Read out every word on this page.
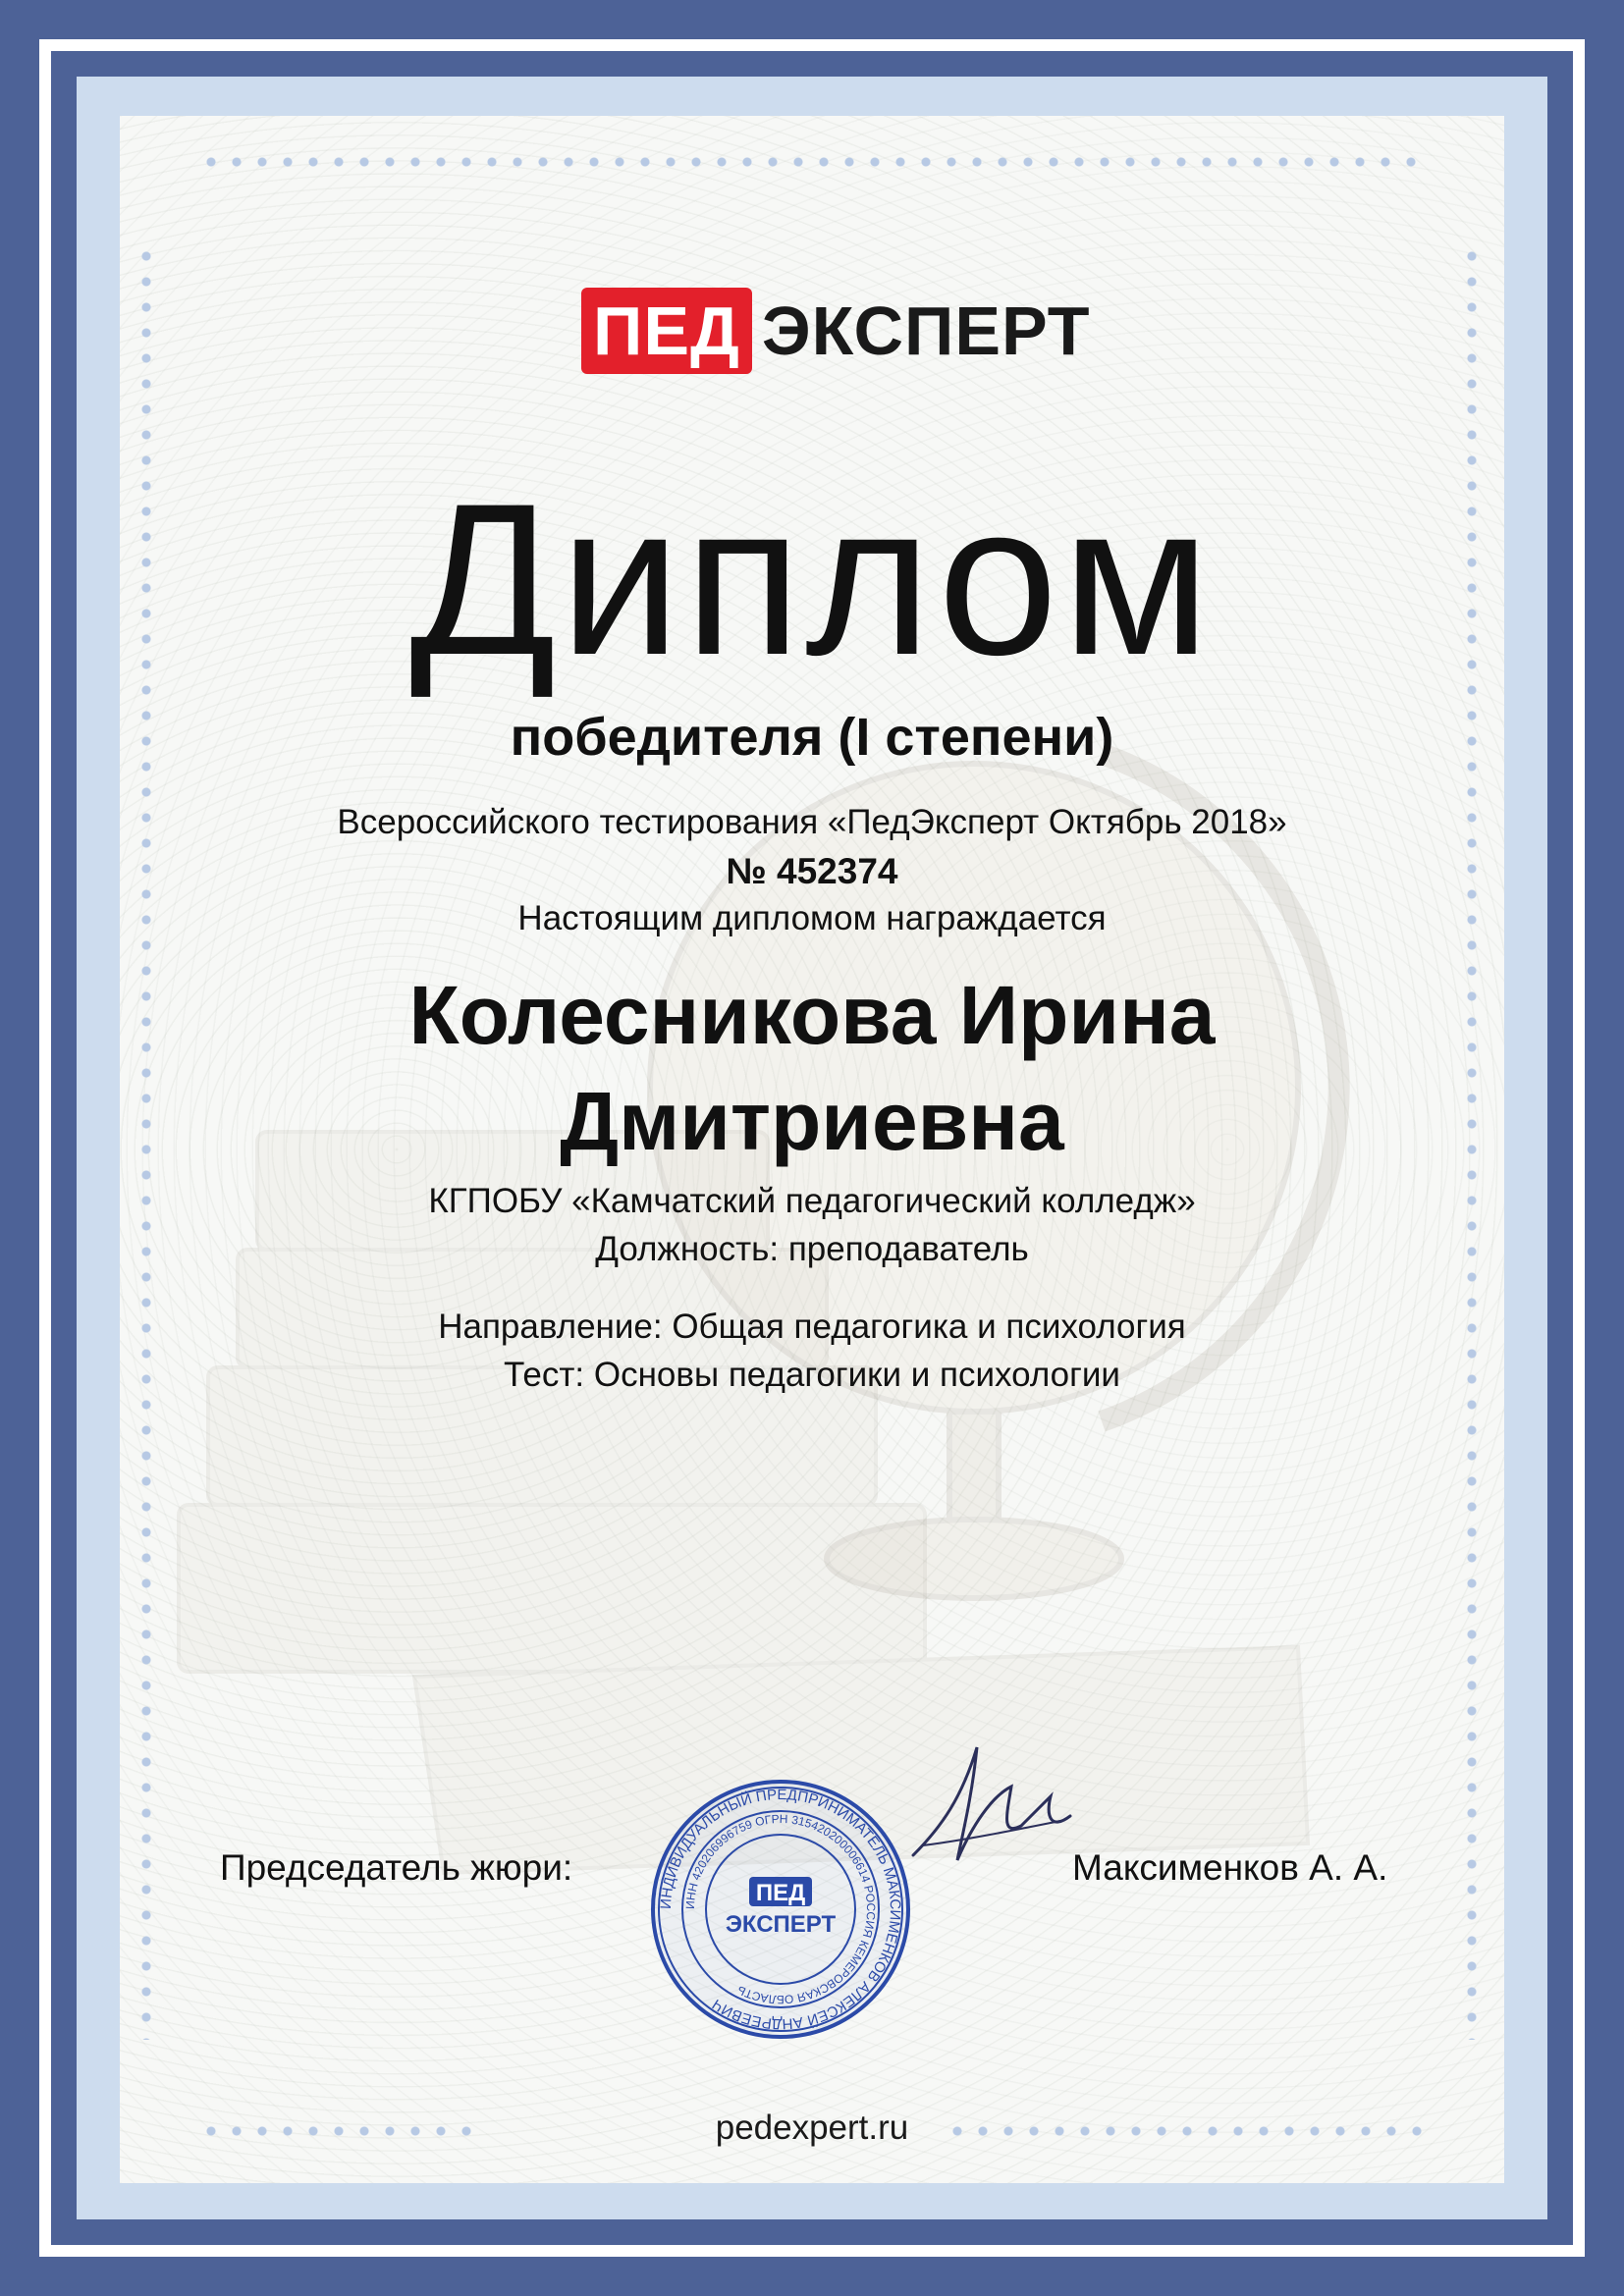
ПЕД ЭКСПЕРТ
Диплом
победителя (I степени)
Всероссийского тестирования «ПедЭксперт Октябрь 2018»
№ 452374
Настоящим дипломом награждается
Колесникова Ирина
Дмитриевна
КГПОБУ «Камчатский педагогический колледж»
Должность: преподаватель
Направление: Общая педагогика и психология
Тест: Основы педагогики и психологии
Председатель жюри:
ИНДИВИДУАЛЬНЫЙ ПРЕДПРИНИМАТЕЛЬ МАКСИМЕНКОВ АЛЕКСЕЙ АНДРЕЕВИЧ
ИНН 420206996759 ОГРН 315420200006614 РОССИЯ КЕМЕРОВСКАЯ ОБЛАСТЬ
ПЕД
ЭКСПЕРТ
Максименков А. А.
pedexpert.ru
